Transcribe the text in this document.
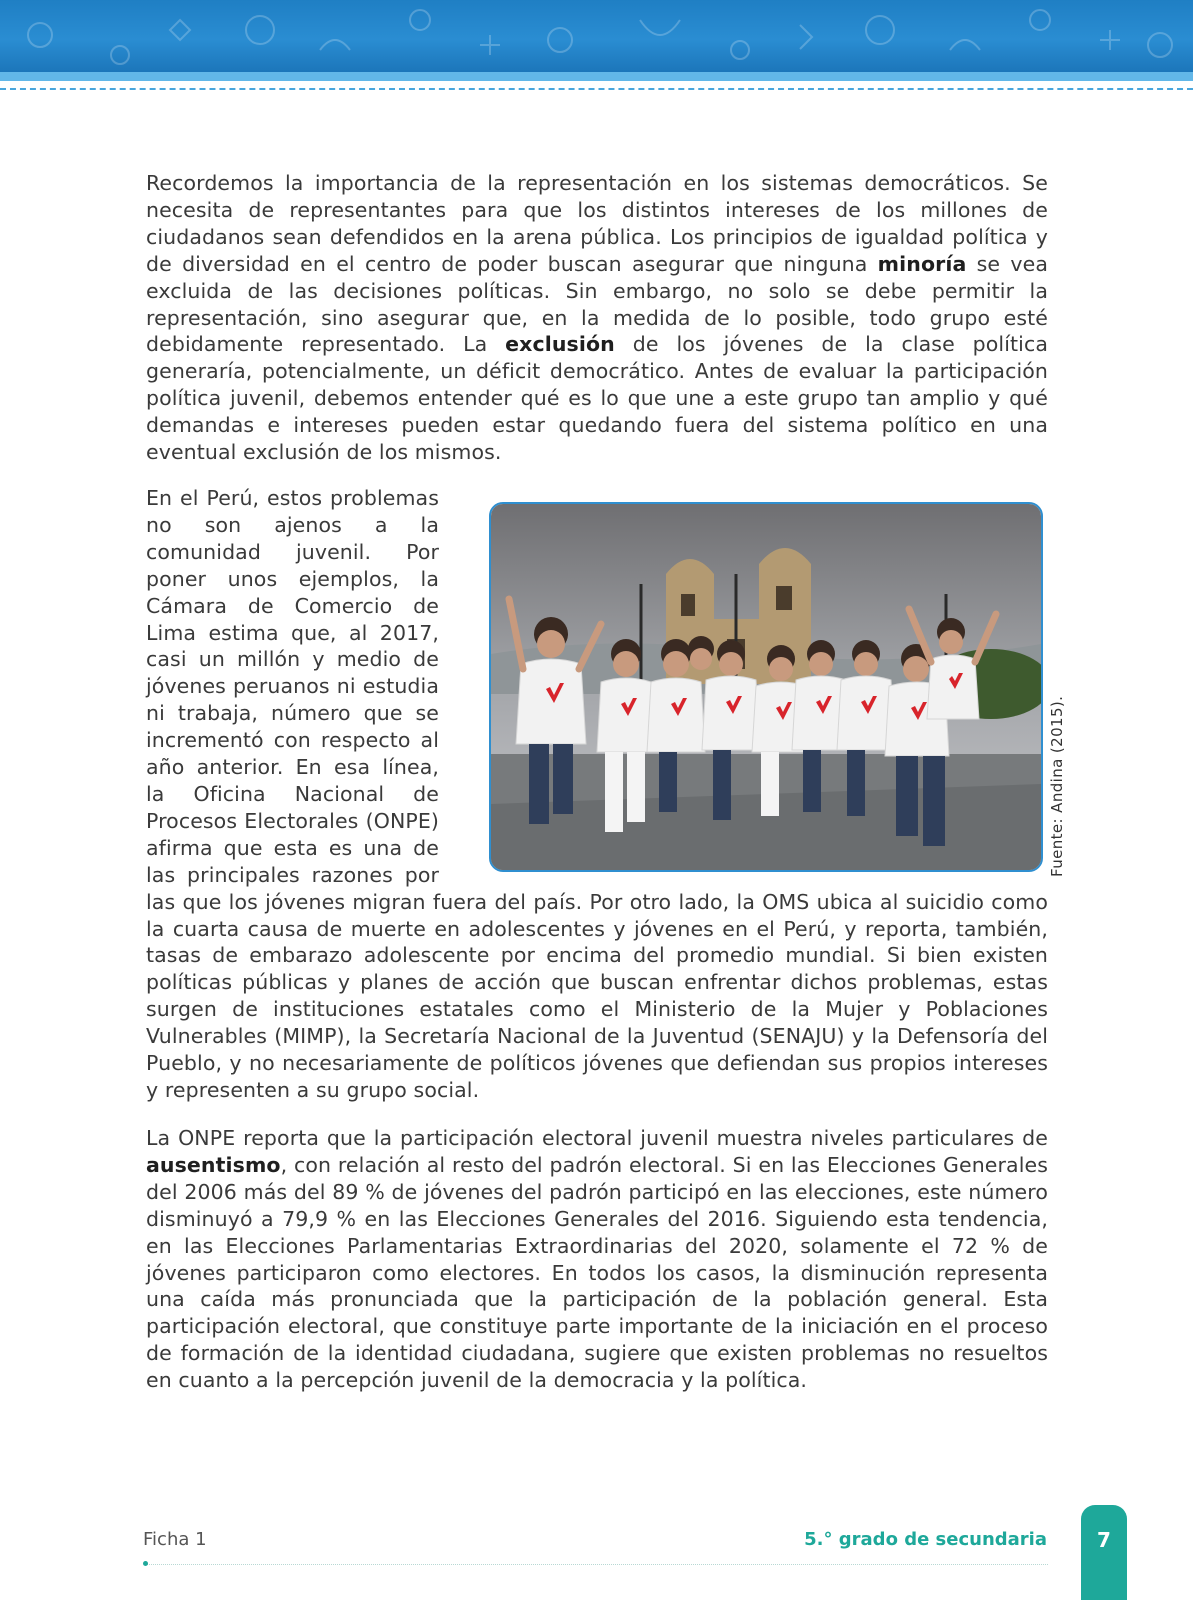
Recordemos la importancia de la representación en los sistemas democráticos. Se necesita de representantes para que los distintos intereses de los millones de ciudadanos sean defendidos en la arena pública. Los principios de igualdad política y de diversidad en el centro de poder buscan asegurar que ninguna minoría se vea excluida de las decisiones políticas. Sin embargo, no solo se debe permitir la representación, sino asegurar que, en la medida de lo posible, todo grupo esté debidamente representado. La exclusión de los jóvenes de la clase política generaría, potencialmente, un déficit democrático. Antes de evaluar la participación política juvenil, debemos entender qué es lo que une a este grupo tan amplio y qué demandas e intereses pueden estar quedando fuera del sistema político en una eventual exclusión de los mismos.
En el Perú, estos problemas no son ajenos a la comunidad juvenil. Por poner unos ejemplos, la Cámara de Comercio de Lima estima que, al 2017, casi un millón y medio de jóvenes peruanos ni estudia ni trabaja, número que se incrementó con respecto al año anterior. En esa línea, la Oficina Nacional de Procesos Electorales (ONPE) afirma que esta es una de las principales razones por las que los jóvenes migran fuera del país. Por otro lado, la OMS ubica al suicidio como la cuarta causa de muerte en adolescentes y jóvenes en el Perú, y reporta, también, tasas de embarazo adolescente por encima del promedio mundial. Si bien existen políticas públicas y planes de acción que buscan enfrentar dichos problemas, estas surgen de instituciones estatales como el Ministerio de la Mujer y Poblaciones Vulnerables (MIMP), la Secretaría Nacional de la Juventud (SENAJU) y la Defensoría del Pueblo, y no necesariamente de políticos jóvenes que defiendan sus propios intereses y representen a su grupo social.
Fuente: Andina (2015).
La ONPE reporta que la participación electoral juvenil muestra niveles particulares de ausentismo, con relación al resto del padrón electoral. Si en las Elecciones Generales del 2006 más del 89 % de jóvenes del padrón participó en las elecciones, este número disminuyó a 79,9 % en las Elecciones Generales del 2016. Siguiendo esta tendencia, en las Elecciones Parlamentarias Extraordinarias del 2020, solamente el 72 % de jóvenes participaron como electores. En todos los casos, la disminución representa una caída más pronunciada que la participación de la población general. Esta participación electoral, que constituye parte importante de la iniciación en el proceso de formación de la identidad ciudadana, sugiere que existen problemas no resueltos en cuanto a la percepción juvenil de la democracia y la política.
Ficha 1	5.° grado de secundaria	7
